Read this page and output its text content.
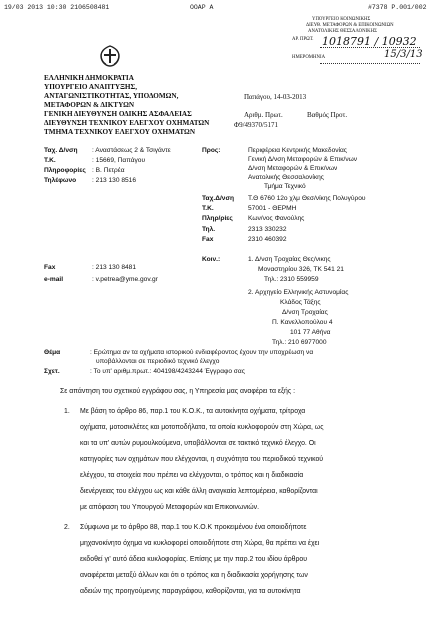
19/03 2013 10:30 2106508481	ΟΟΑΡ Α	#7378 P.001/002
ΥΠΟΥΡΓΕΙΟ ΚΟΙΝΩΝΙΚΗΣ
ΔΙΕΥΘ. ΜΕΤΑΦΟΡΩΝ & ΕΠΙΚΟΙΝΩΝΙΩΝ
ΑΝΑΤΟΛΙΚΗΣ ΘΕΣΣΑΛΟΝΙΚΗΣ
ΑΡ. ΠΡΩΤ. 1018791 / 10932
ΗΜΕΡΟΜΗΝΙΑ	15/3/13
ΕΛΛΗΝΙΚΗ ΔΗΜΟΚΡΑΤΙΑ
ΥΠΟΥΡΓΕΙΟ ΑΝΑΠΤΥΞΗΣ,
ΑΝΤΑΓΩΝΙΣΤΙΚΟΤΗΤΑΣ, ΥΠΟΔΟΜΩΝ,
ΜΕΤΑΦΟΡΩΝ & ΔΙΚΤΥΩΝ
ΓΕΝΙΚΗ ΔΙΕΥΘΥΝΣΗ ΟΔΙΚΗΣ ΑΣΦΑΛΕΙΑΣ
ΔΙΕΥΘΥΝΣΗ ΤΕΧΝΙΚΟΥ ΕΛΕΓΧΟΥ ΟΧΗΜΑΤΩΝ
ΤΜΗΜΑ ΤΕΧΝΙΚΟΥ ΕΛΕΓΧΟΥ ΟΧΗΜΑΤΩΝ
Παπάγου, 14-03-2013
Αριθμ. Πρωτ.	Βαθμός Προτ.
Φ9/49370/5171
Ταχ. Δ/νση : Αναστάσεως 2 & Τσιγάντε
Τ.Κ.	: 15669, Παπάγου
Πληροφορίες : Β. Πετρέα
Τηλέφωνο : 213 130 8516
Fax	: 213 130 8481
e-mail	: v.petrea@yme.gov.gr
Προς:	Περιφέρεια Κεντρικής Μακεδονίας
Γενική Δ/νση Μεταφορών & Επικ/νων
Δ/νση Μεταφορών & Επικ/νων
Ανατολικής Θεσσαλονίκης
Τμήμα Τεχνικό
Ταχ.Δ/νση Τ.Θ 6760 12ο χλμ Θεσ/νίκης Πολυγύρου
Τ.Κ.	57001 - ΘΕΡΜΗ
Πληρ/ρίες Κων/νος Φανούλης
Τηλ.	2313 330232
Fax	2310 460392
Κοιν.:	1. Δ/νση Τροχαίας Θες/νικης
Μοναστηρίου 326, ΤΚ 541 21
Τηλ.: 2310 559959
2. Αρχηγείο Ελληνικής Αστυνομίας
Κλάδος Τάξης
Δ/νση Τροχαίας
Π. Κανελλοπούλου 4
101 77 Αθήνα
Τηλ.: 210 6977000
Θέμα	: Ερώτημα αν τα οχήματα ιστορικού ενδιαφέροντος έχουν την υποχρέωση να
υποβάλλονται σε περιοδικό τεχνικό έλεγχο
Σχετ.	: Το υπ' αριθμ.πρωτ.: 404198/4243244 Έγγραφο σας
Σε απάντηση του σχετικού εγγράφου σας, η Υπηρεσία μας αναφέρει τα εξής :
1. Με βάση το άρθρο 86, παρ.1 του Κ.Ο.Κ., τα αυτοκίνητα οχήματα, τρίτροχα
οχήματα, μοτοσικλέτες και μοτοποδήλατα, τα οποία κυκλοφορούν στη Χώρα, ως
και τα υπ' αυτών ρυμουλκούμενα, υποβάλλονται σε τακτικό τεχνικό έλεγχο. Οι
κατηγορίες των οχημάτων που ελέγχονται, η συχνότητα του περιοδικού τεχνικού
ελέγχου, τα στοιχεία που πρέπει να ελέγχονται, ο τρόπος και η διαδικασία
διενέργειας του ελέγχου ως και κάθε άλλη αναγκαία λεπτομέρεια, καθορίζονται
με απόφαση του Υπουργού Μεταφορών και Επικοινωνιών.
2. Σύμφωνα με το άρθρο 88, παρ.1 του Κ.Ο.Κ προκειμένου ένα οποιοδήποτε
μηχανοκίνητο όχημα να κυκλοφορεί οποιοδήποτε στη Χώρα, θα πρέπει να έχει
εκδοθεί γι' αυτό άδεια κυκλοφορίας. Επίσης με την παρ.2 του ιδίου άρθρου
αναφέρεται μεταξύ άλλων και ότι ο τρόπος και η διαδικασία χορήγησης των
αδειών της προηγούμενης παραγράφου, καθορίζονται, για τα αυτοκίνητα
